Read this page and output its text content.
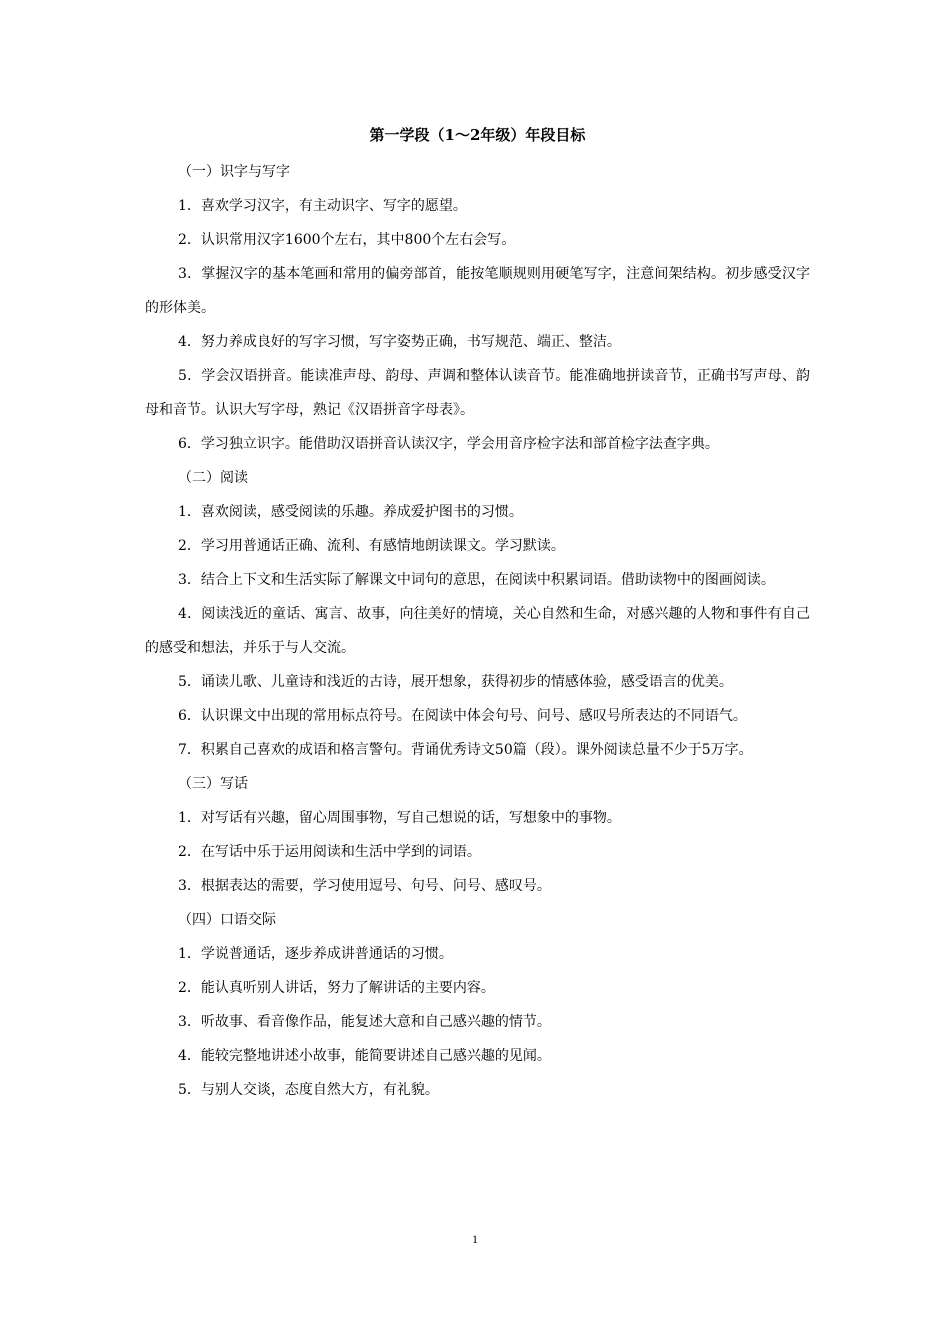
第一学段（1～2年级）年段目标
（一）识字与写字
1．喜欢学习汉字，有主动识字、写字的愿望。
2．认识常用汉字1600个左右，其中800个左右会写。
3．掌握汉字的基本笔画和常用的偏旁部首，能按笔顺规则用硬笔写字，注意间架结构。初步感受汉字的形体美。
4．努力养成良好的写字习惯，写字姿势正确，书写规范、端正、整洁。
5．学会汉语拼音。能读准声母、韵母、声调和整体认读音节。能准确地拼读音节，正确书写声母、韵母和音节。认识大写字母，熟记《汉语拼音字母表》。
6．学习独立识字。能借助汉语拼音认读汉字，学会用音序检字法和部首检字法查字典。
（二）阅读
1．喜欢阅读，感受阅读的乐趣。养成爱护图书的习惯。
2．学习用普通话正确、流利、有感情地朗读课文。学习默读。
3．结合上下文和生活实际了解课文中词句的意思，在阅读中积累词语。借助读物中的图画阅读。
4．阅读浅近的童话、寓言、故事，向往美好的情境，关心自然和生命，对感兴趣的人物和事件有自己的感受和想法，并乐于与人交流。
5．诵读儿歌、儿童诗和浅近的古诗，展开想象，获得初步的情感体验，感受语言的优美。
6．认识课文中出现的常用标点符号。在阅读中体会句号、问号、感叹号所表达的不同语气。
7．积累自己喜欢的成语和格言警句。背诵优秀诗文50篇（段）。课外阅读总量不少于5万字。
（三）写话
1．对写话有兴趣，留心周围事物，写自己想说的话，写想象中的事物。
2．在写话中乐于运用阅读和生活中学到的词语。
3．根据表达的需要，学习使用逗号、句号、问号、感叹号。
（四）口语交际
1．学说普通话，逐步养成讲普通话的习惯。
2．能认真听别人讲话，努力了解讲话的主要内容。
3．听故事、看音像作品，能复述大意和自己感兴趣的情节。
4．能较完整地讲述小故事，能简要讲述自己感兴趣的见闻。
5．与别人交谈，态度自然大方，有礼貌。
1
